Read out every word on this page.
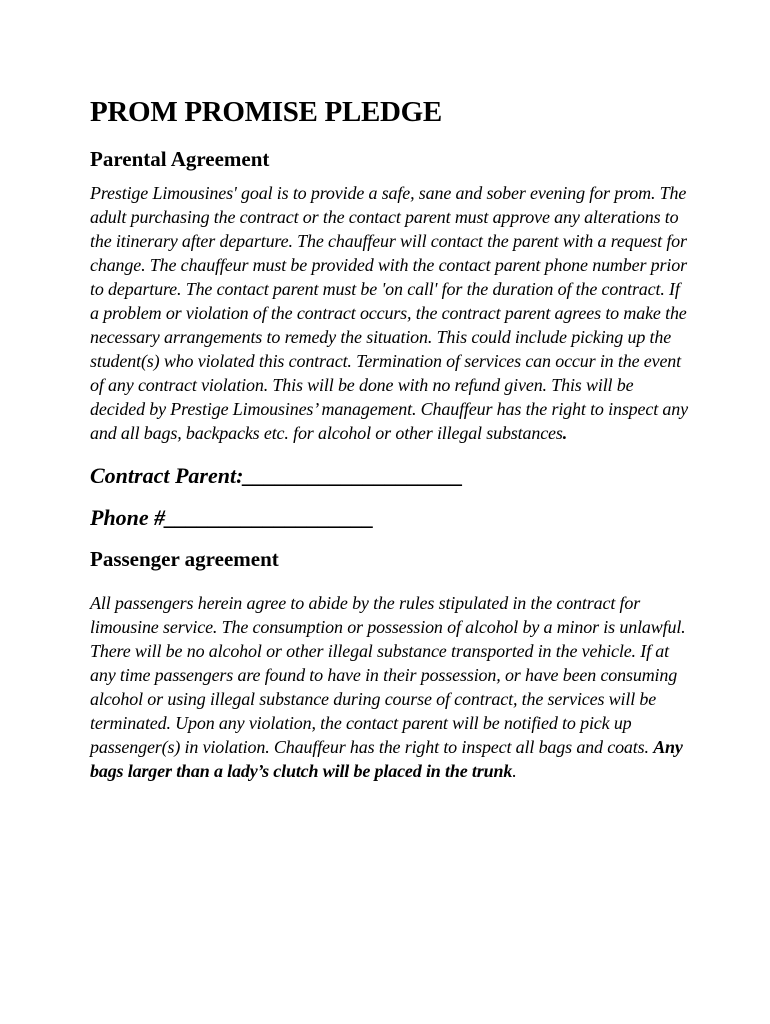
PROM PROMISE PLEDGE
Parental Agreement

Prestige Limousines' goal is to provide a safe, sane and sober evening for prom. The adult purchasing the contract or the contact parent must approve any alterations to the itinerary after departure. The chauffeur will contact the parent with a request for change. The chauffeur must be provided with the contact parent phone number prior to departure. The contact parent must be 'on call' for the duration of the contract. If a problem or violation of the contract occurs, the contract parent agrees to make the necessary arrangements to remedy the situation. This could include picking up the student(s) who violated this contract. Termination of services can occur in the event of any contract violation. This will be done with no refund given. This will be decided by Prestige Limousines’ management. Chauffeur has the right to inspect any and all bags, backpacks etc. for alcohol or other illegal substances.

Contract Parent:____________________

Phone #___________________

Passenger agreement

All passengers herein agree to abide by the rules stipulated in the contract for limousine service. The consumption or possession of alcohol by a minor is unlawful. There will be no alcohol or other illegal substance transported in the vehicle. If at any time passengers are found to have in their possession, or have been consuming alcohol or using illegal substance during course of contract, the services will be terminated. Upon any violation, the contact parent will be notified to pick up passenger(s) in violation. Chauffeur has the right to inspect all bags and coats. Any bags larger than a lady’s clutch will be placed in the trunk.
